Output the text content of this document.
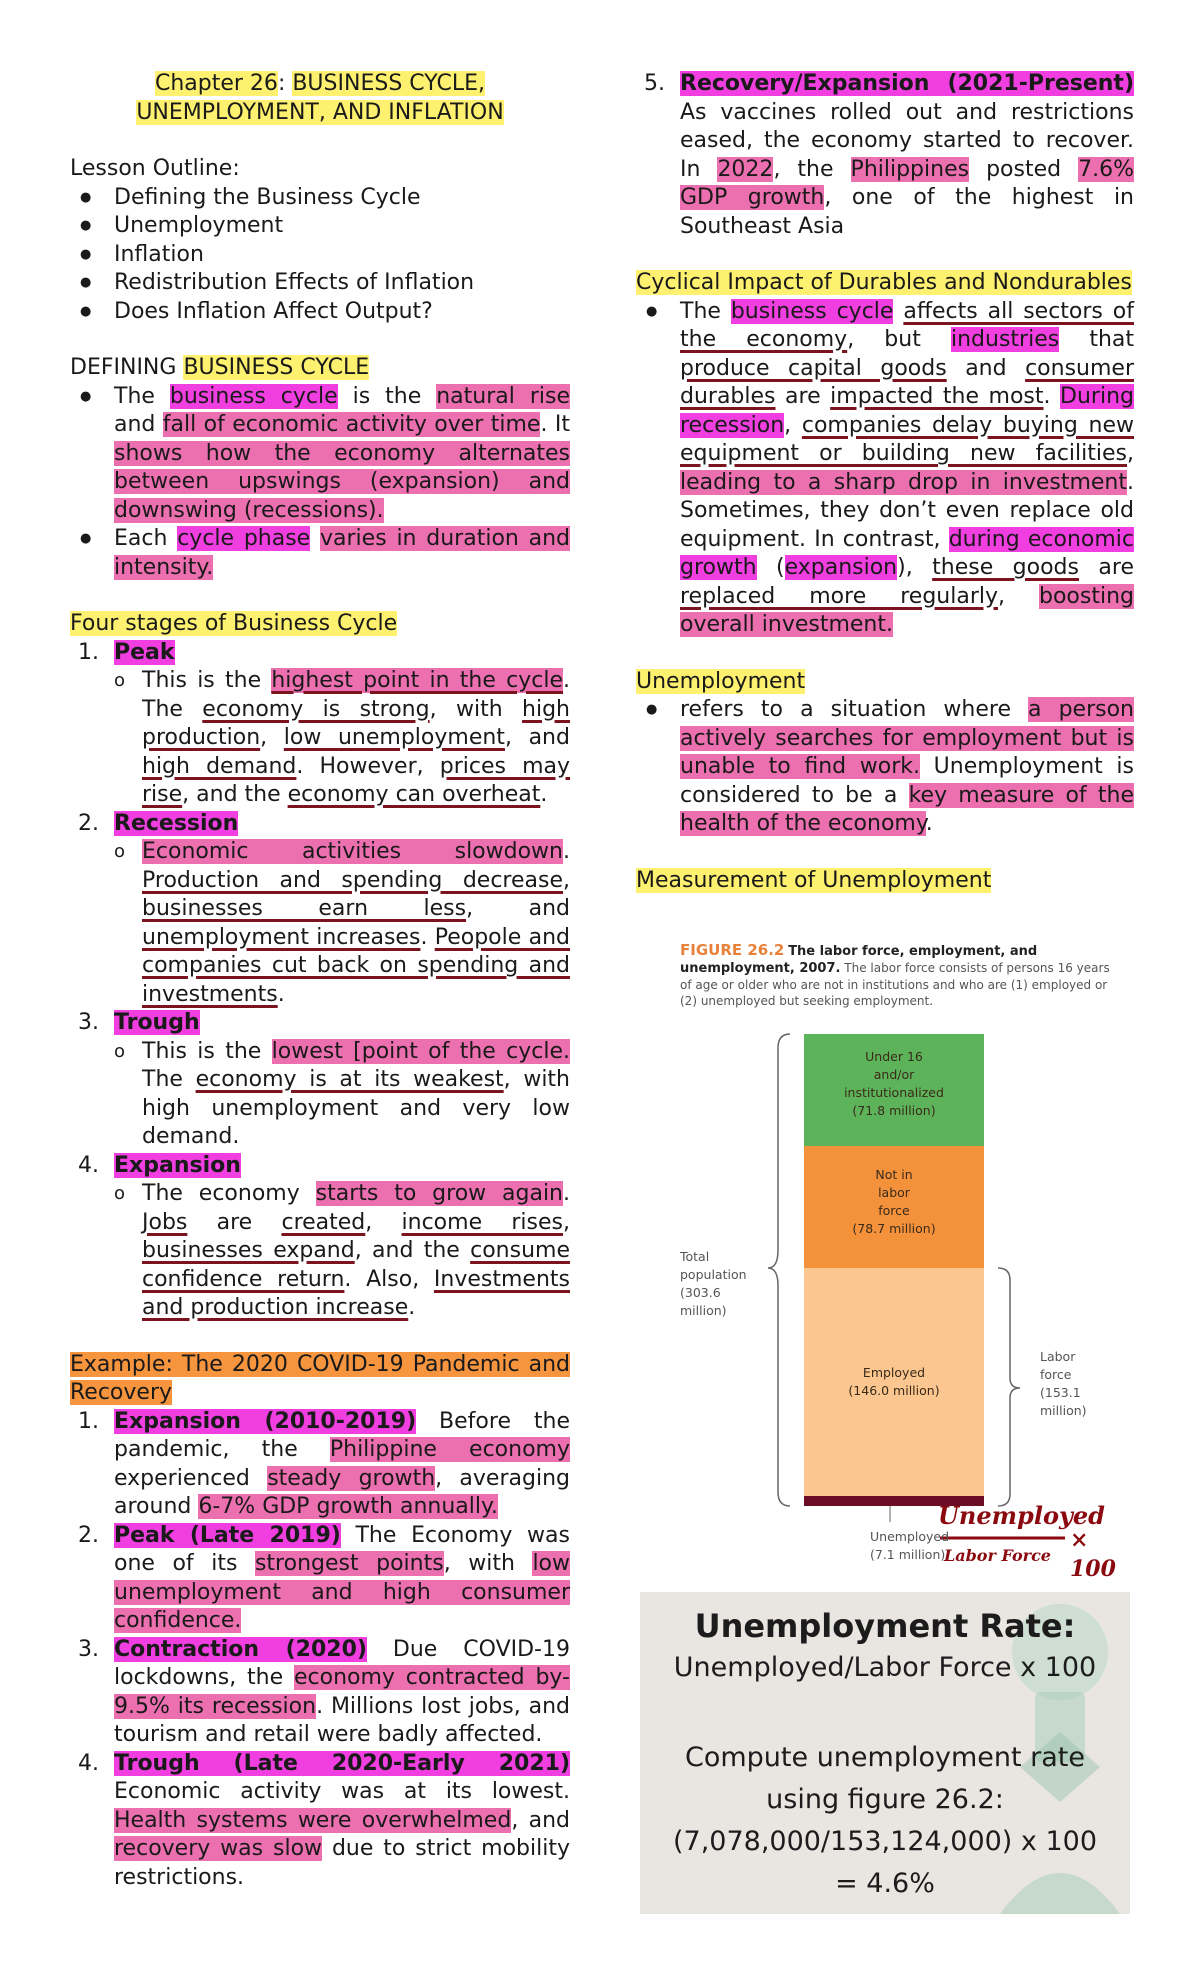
Chapter 26: BUSINESS CYCLE,
UNEMPLOYMENT, AND INFLATION

Lesson Outline:

● Defining the Business Cycle
● Unemployment
● Inflation
● Redistribution Effects of Inflation
● Does Inflation Affect Output?

DEFINING BUSINESS CYCLE

● The business cycle is the natural rise and fall of economic activity over time. It shows how the economy alternates between upswings (expansion) and downswing (recessions).
● Each cycle phase varies in duration and intensity.

Four stages of Business Cycle

1. Peak
o This is the highest point in the cycle. The economy is strong, with high production, low unemployment, and high demand. However, prices may rise, and the economy can overheat.
2. Recession
o Economic activities slowdown. Production and spending decrease, businesses earn less, and unemployment increases. Peopole and companies cut back on spending and investments.
3. Trough
o This is the lowest [point of the cycle. The economy is at its weakest, with high unemployment and very low demand.
4. Expansion
o The economy starts to grow again. Jobs are created, income rises, businesses expand, and the consume confidence return. Also, Investments and production increase.

Example: The 2020 COVID-19 Pandemic and Recovery

1. Expansion (2010-2019) Before the pandemic, the Philippine economy experienced steady growth, averaging around 6-7% GDP growth annually.
2. Peak (Late 2019) The Economy was one of its strongest points, with low unemployment and high consumer confidence.
3. Contraction (2020) Due COVID-19 lockdowns, the economy contracted by-9.5% its recession. Millions lost jobs, and tourism and retail were badly affected.
4. Trough (Late 2020-Early 2021) Economic activity was at its lowest. Health systems were overwhelmed, and recovery was slow due to strict mobility restrictions.
5. Recovery/Expansion (2021-Present) As vaccines rolled out and restrictions eased, the economy started to recover. In 2022, the Philippines posted 7.6% GDP growth, one of the highest in Southeast Asia

Cyclical Impact of Durables and Nondurables

● The business cycle affects all sectors of the economy, but industries that produce capital goods and consumer durables are impacted the most. During recession, companies delay buying new equipment or building new facilities, leading to a sharp drop in investment. Sometimes, they don’t even replace old equipment. In contrast, during economic growth (expansion), these goods are replaced more regularly, boosting overall investment.

Unemployment

● refers to a situation where a person actively searches for employment but is unable to find work. Unemployment is considered to be a key measure of the health of the economy.

Measurement of Unemployment

FIGURE 26.2 The labor force, employment, and unemployment, 2007. The labor force consists of persons 16 years of age or older who are not in institutions and who are (1) employed or (2) unemployed but seeking employment.
Under 16
and/or
institutionalized
(71.8 million)
Not in
labor
force
(78.7 million)
Employed
(146.0 million)
Total
population
(303.6
million)
Labor
force
(153.1
million)
Unemployed
(7.1 million)
Unemployed
Labor Force
× 100
Unemployment Rate:
Unemployed/Labor Force x 100
Compute unemployment rate
using figure 26.2:
(7,078,000/153,124,000) x 100
= 4.6%
